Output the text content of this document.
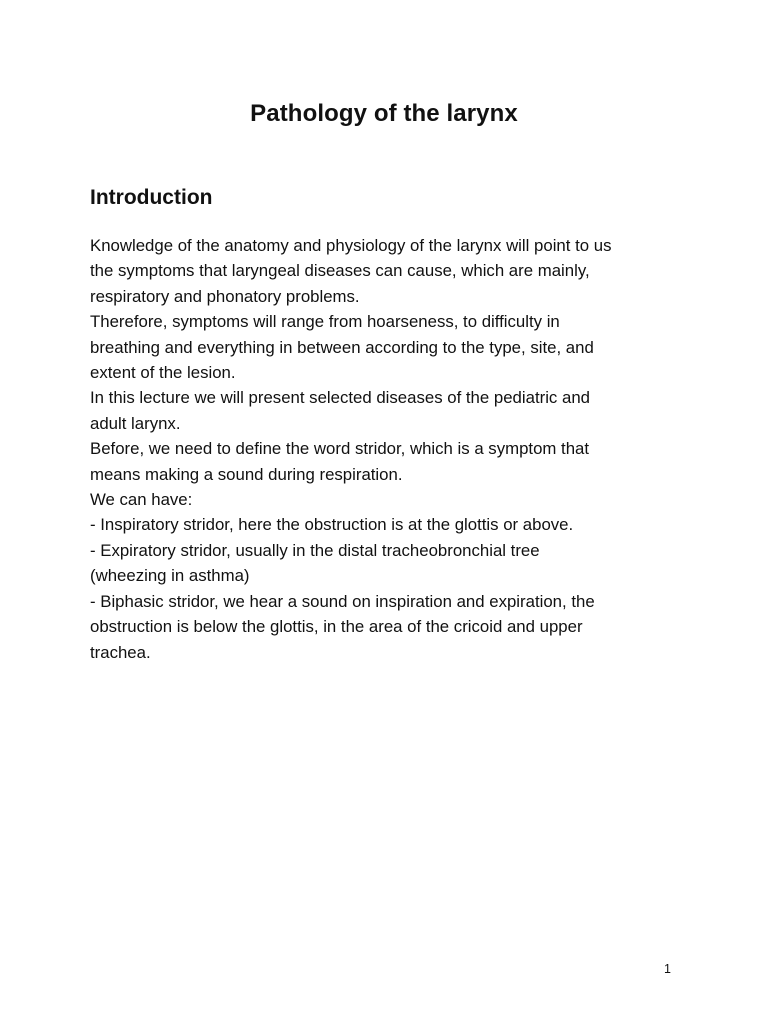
Pathology of the larynx
Introduction
Knowledge of the anatomy and physiology of the larynx will point to us
the symptoms that laryngeal diseases can cause, which are mainly,
respiratory and phonatory problems.
Therefore, symptoms will range from hoarseness, to difficulty in
breathing and everything in between according to the type, site, and
extent of the lesion.
In this lecture we will present selected diseases of the pediatric and
adult larynx.
Before, we need to define the word stridor, which is a symptom that
means making a sound during respiration.
We can have:
- Inspiratory stridor, here the obstruction is at the glottis or above.
- Expiratory stridor, usually in the distal tracheobronchial tree
(wheezing in asthma)
- Biphasic stridor, we hear a sound on inspiration and expiration, the
obstruction is below the glottis, in the area of the cricoid and upper
trachea.
1
